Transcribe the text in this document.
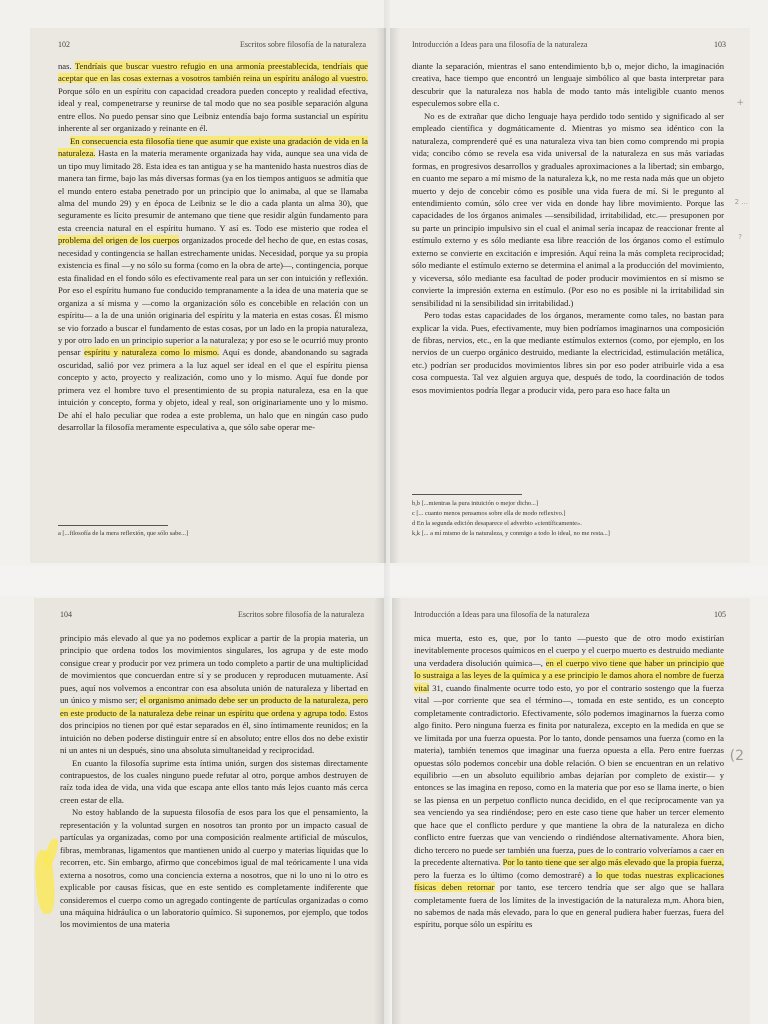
102	Escritos sobre filosofía de la naturaleza

nas. Tendríais que buscar vuestro refugio en una armonía preestablecida, tendríais que aceptar que en las cosas externas a vosotros también reina un espíritu análogo al vuestro. Porque sólo en un espíritu con capacidad creadora pueden concepto y realidad efectiva, ideal y real, compenetrarse y reunirse de tal modo que no sea posible separación alguna entre ellos. No puedo pensar sino que Leibniz entendía bajo forma sustancial un espíritu inherente al ser organizado y reinante en él.

En consecuencia esta filosofía tiene que asumir que existe una gradación de vida en la naturaleza. Hasta en la materia meramente organizada hay vida, aunque sea una vida de un tipo muy limitado 28. Esta idea es tan antigua y se ha mantenido hasta nuestros días de manera tan firme, bajo las más diversas formas (ya en los tiempos antiguos se admitía que el mundo entero estaba penetrado por un principio que lo animaba, al que se llamaba alma del mundo 29) y en época de Leibniz se le dio a cada planta un alma 30), que seguramente es lícito presumir de antemano que tiene que residir algún fundamento para esta creencia natural en el espíritu humano. Y así es. Todo ese misterio que rodea el problema del origen de los cuerpos organizados procede del hecho de que, en estas cosas, necesidad y contingencia se hallan estrechamente unidas. Necesidad, porque ya su propia existencia es final —y no sólo su forma (como en la obra de arte)—, contingencia, porque esta finalidad en el fondo sólo es efectivamente real para un ser con intuición y reflexión. Por eso el espíritu humano fue conducido tempranamente a la idea de una materia que se organiza a sí misma y —como la organización sólo es concebible en relación con un espíritu— a la de una unión originaria del espíritu y la materia en estas cosas. Él mismo se vio forzado a buscar el fundamento de estas cosas, por un lado en la propia naturaleza, y por otro lado en un principio superior a la naturaleza; y por eso se le ocurrió muy pronto pensar espíritu y naturaleza como lo mismo. Aquí es donde, abandonando su sagrada oscuridad, salió por vez primera a la luz aquel ser ideal en el que el espíritu piensa concepto y acto, proyecto y realización, como uno y lo mismo. Aquí fue donde por primera vez el hombre tuvo el presentimiento de su propia naturaleza, esa en la que intuición y concepto, forma y objeto, ideal y real, son originariamente uno y lo mismo. De ahí el halo peculiar que rodea a este problema, un halo que en ningún caso pudo desarrollar la filosofía meramente especulativa a, que sólo sabe operar me-

a [...filosofía de la mera reflexión, que sólo sabe...]
Introducción a Ideas para una filosofía de la naturaleza	103

diante la separación, mientras el sano entendimiento b,b o, mejor dicho, la imaginación creativa, hace tiempo que encontró un lenguaje simbólico al que basta interpretar para descubrir que la naturaleza nos habla de modo tanto más inteligible cuanto menos especulemos sobre ella c.

No es de extrañar que dicho lenguaje haya perdido todo sentido y significado al ser empleado científica y dogmáticamente d. Mientras yo mismo sea idéntico con la naturaleza, comprenderé qué es una naturaleza viva tan bien como comprendo mi propia vida; concibo cómo se revela esa vida universal de la naturaleza en sus más variadas formas, en progresivos desarrollos y graduales aproximaciones a la libertad; sin embargo, en cuanto me separo a mí mismo de la naturaleza k,k, no me resta nada más que un objeto muerto y dejo de concebir cómo es posible una vida fuera de mí. Si le pregunto al entendimiento común, sólo cree ver vida en donde hay libre movimiento. Porque las capacidades de los órganos animales —sensibilidad, irritabilidad, etc.— presuponen por su parte un principio impulsivo sin el cual el animal sería incapaz de reaccionar frente al estímulo externo y es sólo mediante esa libre reacción de los órganos como el estímulo externo se convierte en excitación e impresión. Aquí reina la más completa reciprocidad; sólo mediante el estímulo externo se determina el animal a la producción del movimiento, y viceversa, sólo mediante esa facultad de poder producir movimientos en sí mismo se convierte la impresión externa en estímulo. (Por eso no es posible ni la irritabilidad sin sensibilidad ni la sensibilidad sin irritabilidad.)

Pero todas estas capacidades de los órganos, meramente como tales, no bastan para explicar la vida. Pues, efectivamente, muy bien podríamos imaginarnos una composición de fibras, nervios, etc., en la que mediante estímulos externos (como, por ejemplo, en los nervios de un cuerpo orgánico destruido, mediante la electricidad, estimulación metálica, etc.) podrían ser producidos movimientos libres sin por eso poder atribuirle vida a esa cosa compuesta. Tal vez alguien arguya que, después de todo, la coordinación de todos esos movimientos podría llegar a producir vida, pero para eso hace falta un

b,b [...mientras la pura intuición o mejor dicho...]
c [... cuanto menos pensamos sobre ella de modo reflexivo.]
d En la segunda edición desaparece el adverbio «científicamente».
k,k [... a mí mismo de la naturaleza, y conmigo a todo lo ideal, no me resta...]
+
2 ...
?
104	Escritos sobre filosofía de la naturaleza

principio más elevado al que ya no podemos explicar a partir de la propia materia, un principio que ordena todos los movimientos singulares, los agrupa y de este modo consigue crear y producir por vez primera un todo completo a partir de una multiplicidad de movimientos que concuerdan entre sí y se producen y reproducen mutuamente. Así pues, aquí nos volvemos a encontrar con esa absoluta unión de naturaleza y libertad en un único y mismo ser; el organismo animado debe ser un producto de la naturaleza, pero en este producto de la naturaleza debe reinar un espíritu que ordena y agrupa todo. Estos dos principios no tienen por qué estar separados en él, sino íntimamente reunidos; en la intuición no deben poderse distinguir entre sí en absoluto; entre ellos dos no debe existir ni un antes ni un después, sino una absoluta simultaneidad y reciprocidad.

En cuanto la filosofía suprime esta íntima unión, surgen dos sistemas directamente contrapuestos, de los cuales ninguno puede refutar al otro, porque ambos destruyen de raíz toda idea de vida, una vida que escapa ante ellos tanto más lejos cuanto más cerca creen estar de ella.

No estoy hablando de la supuesta filosofía de esos para los que el pensamiento, la representación y la voluntad surgen en nosotros tan pronto por un impacto casual de partículas ya organizadas, como por una composición realmente artificial de músculos, fibras, membranas, ligamentos que mantienen unido al cuerpo y materias líquidas que lo recorren, etc. Sin embargo, afirmo que concebimos igual de mal teóricamente l una vida externa a nosotros, como una conciencia externa a nosotros, que ni lo uno ni lo otro es explicable por causas físicas, que en este sentido es completamente indiferente que consideremos el cuerpo como un agregado contingente de partículas organizadas o como una máquina hidráulica o un laboratorio químico. Si suponemos, por ejemplo, que todos los movimientos de una materia

Introducción a Ideas para una filosofía de la naturaleza	105

mica muerta, esto es, que, por lo tanto —puesto que de otro modo existirían inevitablemente procesos químicos en el cuerpo y el cuerpo muerto es destruido mediante una verdadera disolución química—, en el cuerpo vivo tiene que haber un principio que lo sustraiga a las leyes de la química y a ese principio le damos ahora el nombre de fuerza vital 31, cuando finalmente ocurre todo esto, yo por el contrario sostengo que la fuerza vital —por corriente que sea el término—, tomada en este sentido, es un concepto completamente contradictorio. Efectivamente, sólo podemos imaginarnos la fuerza como algo finito. Pero ninguna fuerza es finita por naturaleza, excepto en la medida en que se ve limitada por una fuerza opuesta. Por lo tanto, donde pensamos una fuerza (como en la materia), también tenemos que imaginar una fuerza opuesta a ella. Pero entre fuerzas opuestas sólo podemos concebir una doble relación. O bien se encuentran en un relativo equilibrio —en un absoluto equilibrio ambas dejarían por completo de existir— y entonces se las imagina en reposo, como en la materia que por eso se llama inerte, o bien se las piensa en un perpetuo conflicto nunca decidido, en el que recíprocamente van ya sea venciendo ya sea rindiéndose; pero en este caso tiene que haber un tercer elemento que hace que el conflicto perdure y que mantiene la obra de la naturaleza en dicho conflicto entre fuerzas que van venciendo o rindiéndose alternativamente. Ahora bien, dicho tercero no puede ser también una fuerza, pues de lo contrario volveríamos a caer en la precedente alternativa. Por lo tanto tiene que ser algo más elevado que la propia fuerza, pero la fuerza es lo último (como demostraré) a lo que todas nuestras explicaciones físicas deben retornar por tanto, ese tercero tendría que ser algo que se hallara completamente fuera de los límites de la investigación de la naturaleza m,m. Ahora bien, no sabemos de nada más elevado, para lo que en general pudiera haber fuerzas, fuera del espíritu, porque sólo un espíritu es

(2
